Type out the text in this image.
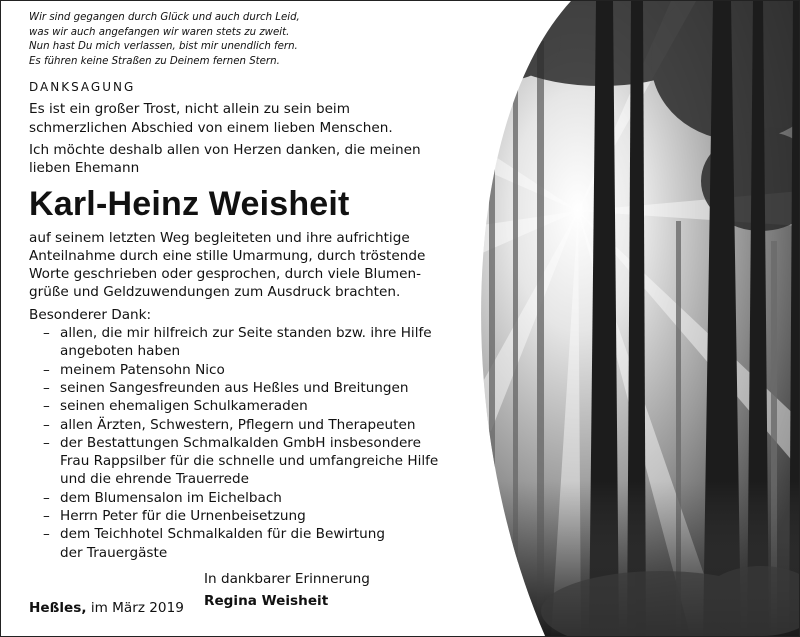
Wir sind gegangen durch Glück und auch durch Leid,
was wir auch angefangen wir waren stets zu zweit.
Nun hast Du mich verlassen, bist mir unendlich fern.
Es führen keine Straßen zu Deinem fernen Stern.
DANKSAGUNG
Es ist ein großer Trost, nicht allein zu sein beim
schmerzlichen Abschied von einem lieben Menschen.
Ich möchte deshalb allen von Herzen danken, die meinen
lieben Ehemann
Karl-Heinz Weisheit
auf seinem letzten Weg begleiteten und ihre aufrichtige
Anteilnahme durch eine stille Umarmung, durch tröstende
Worte geschrieben oder gesprochen, durch viele Blumen-
grüße und Geldzuwendungen zum Ausdruck brachten.
Besonderer Dank:
– allen, die mir hilfreich zur Seite standen bzw. ihre Hilfe
angeboten haben
– meinem Patensohn Nico
– seinen Sangesfreunden aus Heßles und Breitungen
– seinen ehemaligen Schulkameraden
– allen Ärzten, Schwestern, Pflegern und Therapeuten
– der Bestattungen Schmalkalden GmbH insbesondere
Frau Rappsilber für die schnelle und umfangreiche Hilfe
und die ehrende Trauerrede
– dem Blumensalon im Eichelbach
– Herrn Peter für die Urnenbeisetzung
– dem Teichhotel Schmalkalden für die Bewirtung
der Trauergäste
In dankbarer Erinnerung
Regina Weisheit
Heßles, im März 2019
